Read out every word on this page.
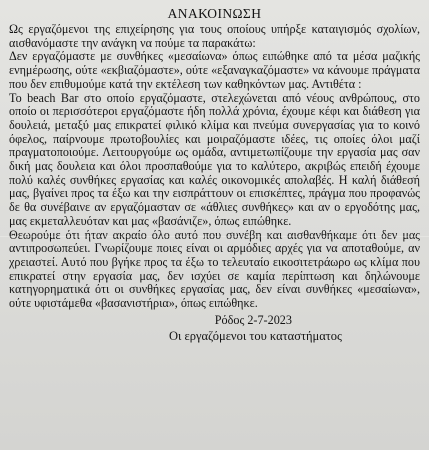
ΑΝΑΚΟΙΝΩΣΗ

Ως εργαζόμενοι της επιχείρησης για τους οποίους υπήρξε καταιγισμός σχολίων, αισθανόμαστε την ανάγκη να πούμε τα παρακάτω:

Δεν εργαζόμαστε με συνθήκες «μεσαίωνα» όπως ειπώθηκε από τα μέσα μαζικής ενημέρωσης, ούτε «εκβιαζόμαστε», ούτε «εξαναγκαζόμαστε» να κάνουμε πράγματα που δεν επιθυμούμε κατά την εκτέλεση των καθηκόντων μας. Αντιθέτα :

Το beach Bar στο οποίο εργαζόμαστε, στελεχώνεται από νέους ανθρώπους, στο οποίο οι περισσότεροι εργαζόμαστε ήδη πολλά χρόνια, έχουμε κέφι και διάθεση για δουλειά, μεταξύ μας επικρατεί φιλικό κλίμα και πνεύμα συνεργασίας για το κοινό όφελος, παίρνουμε πρωτοβουλίες και μοιραζόμαστε ιδέες, τις οποίες όλοι μαζί πραγματοποιούμε. Λειτουργούμε ως ομάδα, αντιμετωπίζουμε την εργασία μας σαν δική μας δουλεια και όλοι προσπαθούμε για το καλύτερο, ακριβώς επειδή έχουμε πολύ καλές συνθήκες εργασίας και καλές οικονομικές απολαβές. Η καλή διάθεσή μας, βγαίνει προς τα έξω και την εισπράττουν οι επισκέπτες, πράγμα που προφανώς δε θα συνέβαινε αν εργαζόμασταν σε «άθλιες συνθήκες» και αν ο εργοδότης μας, μας εκμεταλλευόταν και μας «βασάνιζε», όπως ειπώθηκε.

Θεωρούμε ότι ήταν ακραίο όλο αυτό που συνέβη και αισθανθήκαμε ότι δεν μας αντιπροσωπεύει. Γνωρίζουμε ποιες είναι οι αρμόδιες αρχές για να αποταθούμε, αν χρειαστεί. Αυτό που βγήκε προς τα έξω το τελευταίο εικοσιτετράωρο ως κλίμα που επικρατεί στην εργασία μας, δεν ισχύει σε καμία περίπτωση και δηλώνουμε κατηγορηματικά ότι οι συνθήκες εργασίας μας, δεν είναι συνθήκες «μεσαίωνα», ούτε υφιστάμεθα «βασανιστήρια», όπως ειπώθηκε.

Ρόδος 2-7-2023
Οι εργαζόμενοι του καταστήματος
